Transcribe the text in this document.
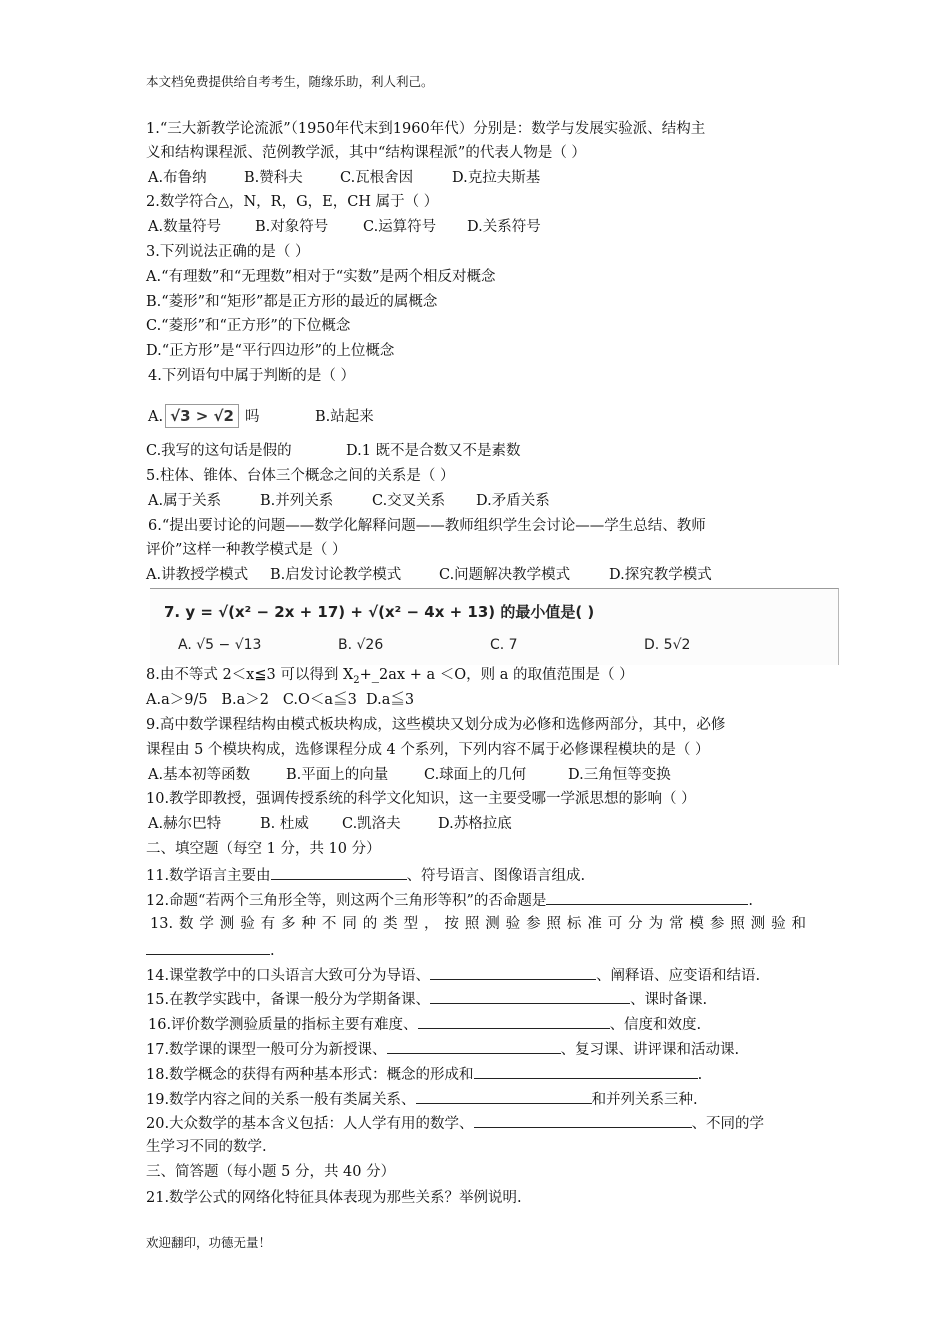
本文档免费提供给自考考生，随缘乐助，利人利己。
1.“三大新教学论流派”（1950年代末到1960年代）分别是：数学与发展实验派、结构主
义和结构课程派、范例教学派，其中“结构课程派”的代表人物是（ ）
A.布鲁纳	B.赞科夫	C.瓦根舍因	D.克拉夫斯基
2.数学符合△，N，R，G，E，CH 属于（ ）
A.数量符号 B.对象符号 C.运算符号 D.关系符号
3.下列说法正确的是（ ）
A.“有理数”和“无理数”相对于“实数”是两个相反对概念
B.“菱形”和“矩形”都是正方形的最近的属概念
C.“菱形”和“正方形”的下位概念
D.“正方形”是“平行四边形”的上位概念
4.下列语句中属于判断的是（ ）
A. √3 > √2 吗	B.站起来
C.我写的这句话是假的	D.1 既不是合数又不是素数
5.柱体、锥体、台体三个概念之间的关系是（ ）
A.属于关系	B.并列关系	C.交叉关系 D.矛盾关系
6.“提出要讨论的问题——数学化解释问题——教师组织学生会讨论——学生总结、教师
评价”这样一种教学模式是（ ）
A.讲教授学模式 B.启发讨论教学模式	C.问题解决教学模式	D.探究教学模式
7. y = √(x² − 2x + 17) + √(x² − 4x + 13) 的最小值是( )
A. √5 − √13	B. √26	C. 7	D. 5√2
8.由不等式 2＜x≦3 可以得到 $X_2+\_2ax + a <O$，则 a 的取值范围是（ ）
A.a＞9/5   B.a＞2   C.O＜a≦3  D.a≦3
9.高中数学课程结构由模式板块构成，这些模块又划分成为必修和选修两部分，其中，必修
课程由 5 个模块构成，选修课程分成 4 个系列，下列内容不属于必修课程模块的是（ ）
A.基本初等函数 B.平面上的向量 C.球面上的几何	D.三角恒等变换
10.教学即教授，强调传授系统的科学文化知识，这一主要受哪一学派思想的影响（ ）
A.赫尔巴特	B. 杜威 C.凯洛夫	D.苏格拉底
二、填空题（每空 1 分，共 10 分）
11.数学语言主要由	、符号语言、图像语言组成.
12.命题“若两个三角形全等，则这两个三角形等积”的否命题是	.
13.数学测验有多种不同的类型，按照测验参照标准可分为常模参照测验和
.
14.课堂教学中的口头语言大致可分为导语、	、阐释语、应变语和结语.
15.在教学实践中，备课一般分为学期备课、	、课时备课.
16.评价数学测验质量的指标主要有难度、	、信度和效度.
17.数学课的课型一般可分为新授课、	、复习课、讲评课和活动课.
18.数学概念的获得有两种基本形式：概念的形成和	.
19.数学内容之间的关系一般有类属关系、	和并列关系三种.
20.大众数学的基本含义包括：人人学有用的数学、	、不同的学
生学习不同的数学.
三、简答题（每小题 5 分，共 40 分）
21.数学公式的网络化特征具体表现为那些关系？举例说明.
欢迎翻印，功德无量！
